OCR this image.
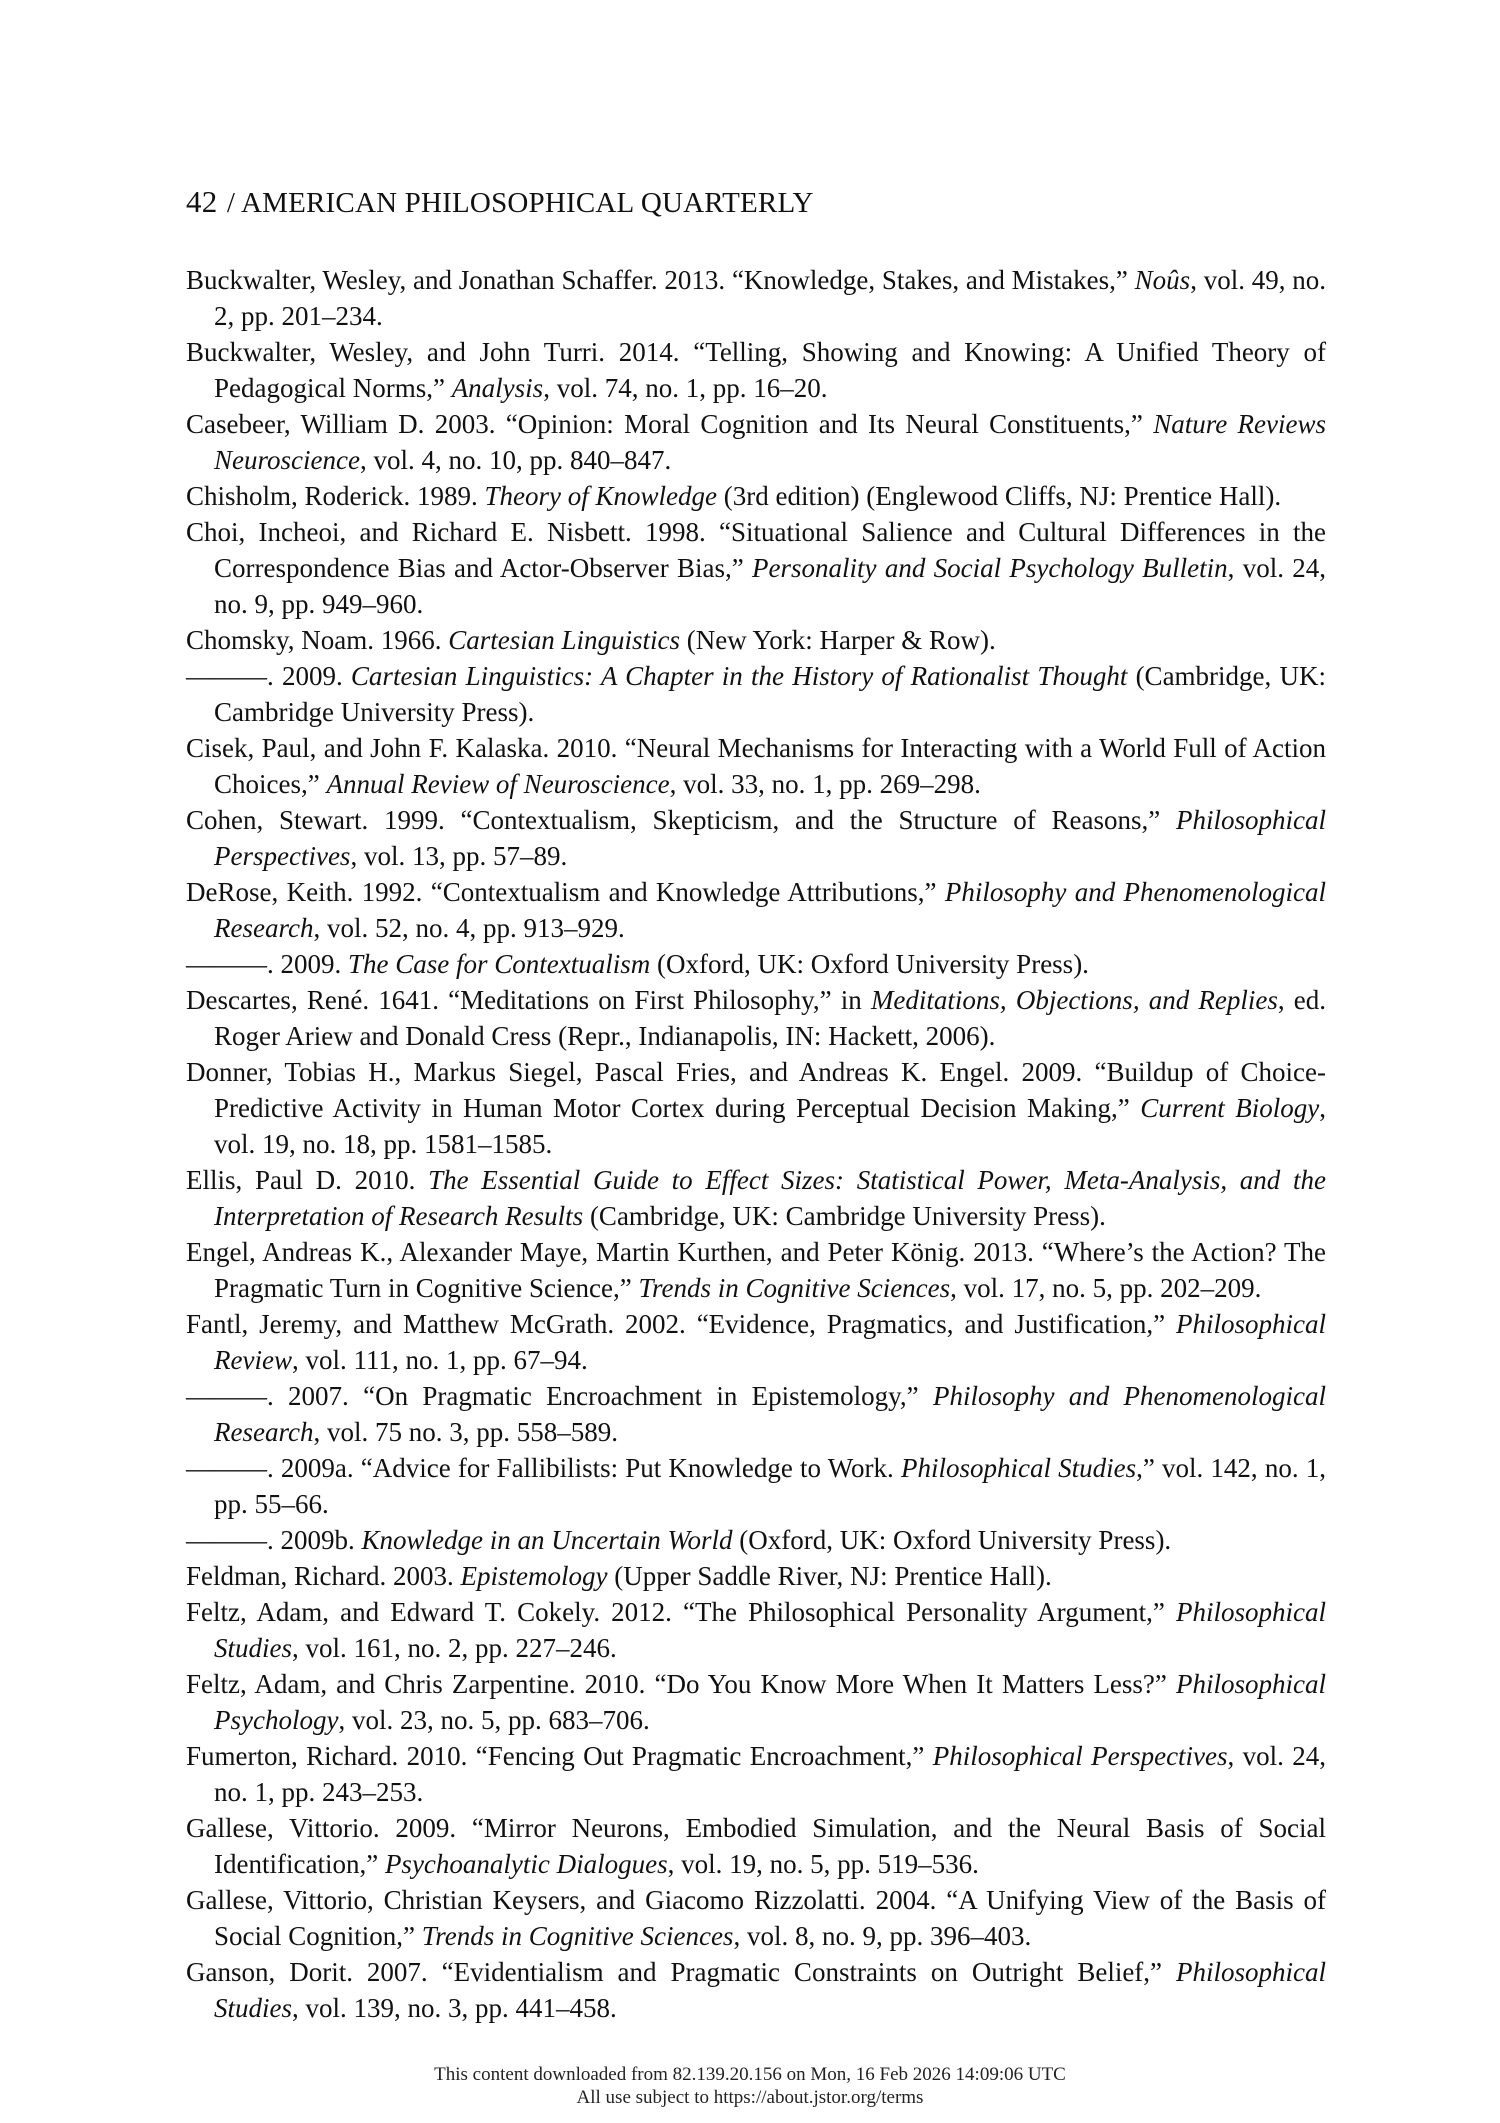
42 / AMERICAN PHILOSOPHICAL QUARTERLY
Buckwalter, Wesley, and Jonathan Schaffer. 2013. “Knowledge, Stakes, and Mistakes,” Noûs, vol. 49, no. 2, pp. 201–234.
Buckwalter, Wesley, and John Turri. 2014. “Telling, Showing and Knowing: A Unified Theory of Pedagogical Norms,” Analysis, vol. 74, no. 1, pp. 16–20.
Casebeer, William D. 2003. “Opinion: Moral Cognition and Its Neural Constituents,” Nature Reviews Neuroscience, vol. 4, no. 10, pp. 840–847.
Chisholm, Roderick. 1989. Theory of Knowledge (3rd edition) (Englewood Cliffs, NJ: Prentice Hall).
Choi, Incheoi, and Richard E. Nisbett. 1998. “Situational Salience and Cultural Differences in the Correspondence Bias and Actor-Observer Bias,” Personality and Social Psychology Bulletin, vol. 24, no. 9, pp. 949–960.
Chomsky, Noam. 1966. Cartesian Linguistics (New York: Harper & Row).
———. 2009. Cartesian Linguistics: A Chapter in the History of Rationalist Thought (Cambridge, UK: Cambridge University Press).
Cisek, Paul, and John F. Kalaska. 2010. “Neural Mechanisms for Interacting with a World Full of Action Choices,” Annual Review of Neuroscience, vol. 33, no. 1, pp. 269–298.
Cohen, Stewart. 1999. “Contextualism, Skepticism, and the Structure of Reasons,” Philosophical Perspectives, vol. 13, pp. 57–89.
DeRose, Keith. 1992. “Contextualism and Knowledge Attributions,” Philosophy and Phenomenological Research, vol. 52, no. 4, pp. 913–929.
———. 2009. The Case for Contextualism (Oxford, UK: Oxford University Press).
Descartes, René. 1641. “Meditations on First Philosophy,” in Meditations, Objections, and Replies, ed. Roger Ariew and Donald Cress (Repr., Indianapolis, IN: Hackett, 2006).
Donner, Tobias H., Markus Siegel, Pascal Fries, and Andreas K. Engel. 2009. “Buildup of Choice-Predictive Activity in Human Motor Cortex during Perceptual Decision Making,” Current Biology, vol. 19, no. 18, pp. 1581–1585.
Ellis, Paul D. 2010. The Essential Guide to Effect Sizes: Statistical Power, Meta-Analysis, and the Interpretation of Research Results (Cambridge, UK: Cambridge University Press).
Engel, Andreas K., Alexander Maye, Martin Kurthen, and Peter König. 2013. “Where’s the Action? The Pragmatic Turn in Cognitive Science,” Trends in Cognitive Sciences, vol. 17, no. 5, pp. 202–209.
Fantl, Jeremy, and Matthew McGrath. 2002. “Evidence, Pragmatics, and Justification,” Philosophical Review, vol. 111, no. 1, pp. 67–94.
———. 2007. “On Pragmatic Encroachment in Epistemology,” Philosophy and Phenomenological Research, vol. 75 no. 3, pp. 558–589.
———. 2009a. “Advice for Fallibilists: Put Knowledge to Work. Philosophical Studies,” vol. 142, no. 1, pp. 55–66.
———. 2009b. Knowledge in an Uncertain World (Oxford, UK: Oxford University Press).
Feldman, Richard. 2003. Epistemology (Upper Saddle River, NJ: Prentice Hall).
Feltz, Adam, and Edward T. Cokely. 2012. “The Philosophical Personality Argument,” Philosophical Studies, vol. 161, no. 2, pp. 227–246.
Feltz, Adam, and Chris Zarpentine. 2010. “Do You Know More When It Matters Less?” Philosophical Psychology, vol. 23, no. 5, pp. 683–706.
Fumerton, Richard. 2010. “Fencing Out Pragmatic Encroachment,” Philosophical Perspectives, vol. 24, no. 1, pp. 243–253.
Gallese, Vittorio. 2009. “Mirror Neurons, Embodied Simulation, and the Neural Basis of Social Identification,” Psychoanalytic Dialogues, vol. 19, no. 5, pp. 519–536.
Gallese, Vittorio, Christian Keysers, and Giacomo Rizzolatti. 2004. “A Unifying View of the Basis of Social Cognition,” Trends in Cognitive Sciences, vol. 8, no. 9, pp. 396–403.
Ganson, Dorit. 2007. “Evidentialism and Pragmatic Constraints on Outright Belief,” Philosophical Studies, vol. 139, no. 3, pp. 441–458.
This content downloaded from 82.139.20.156 on Mon, 16 Feb 2026 14:09:06 UTC
All use subject to https://about.jstor.org/terms
